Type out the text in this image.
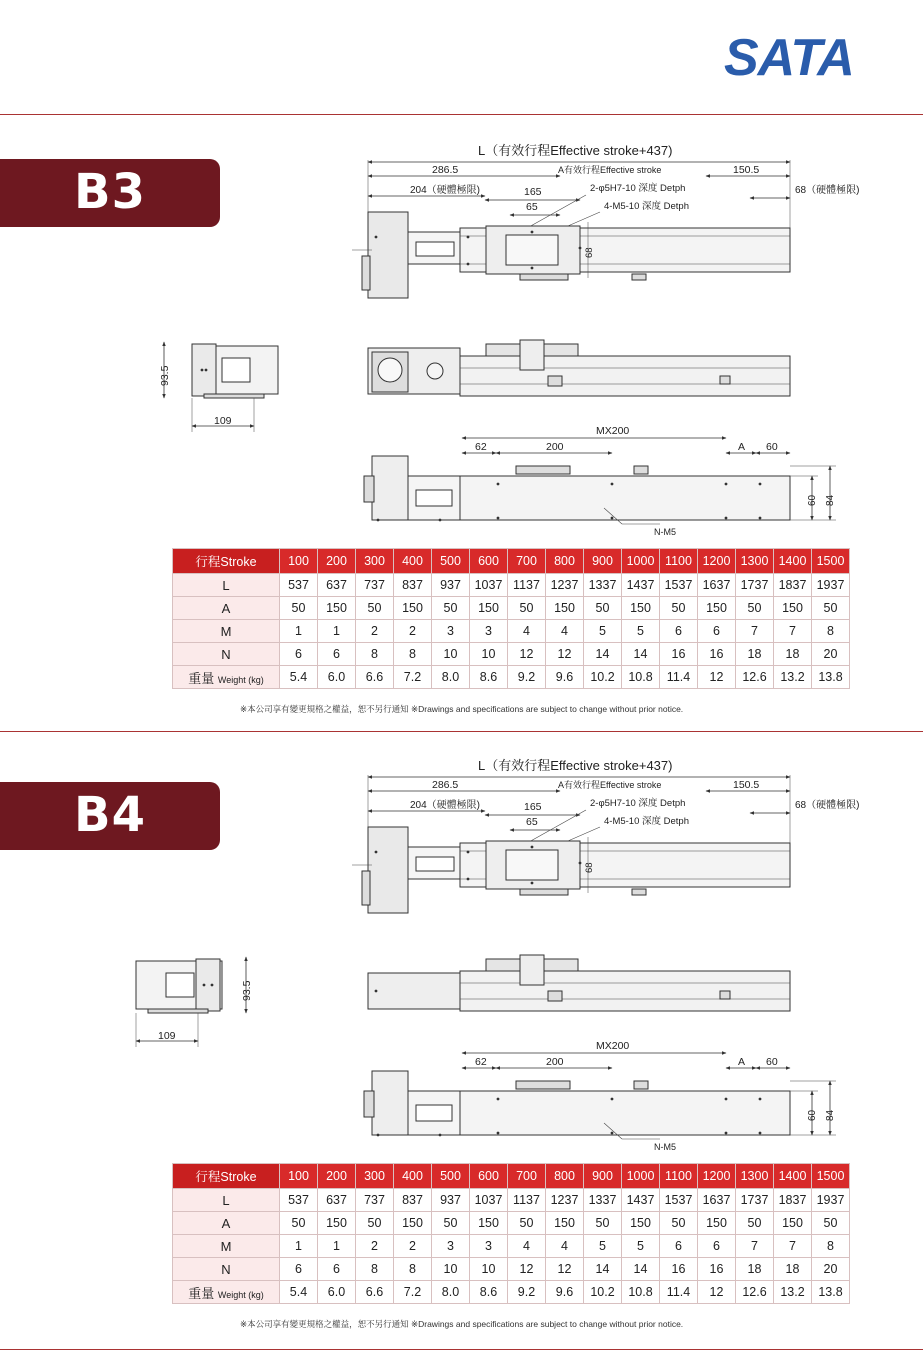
SATA
B3
B4
L（有效行程Effective stroke+437)
286.5	A有效行程Effective stroke	150.5
204（硬體極限)	68（硬體極限)
165
65
2-φ5H7-10 深度 Detph
4-M5-10 深度 Detph
68
93.5
109
MX200
62	200	A 60
60 84
N-M5
L（有效行程Effective stroke+437)
286.5	A有效行程Effective stroke	150.5
204（硬體極限)	68（硬體極限)
165
65
2-φ5H7-10 深度 Detph
4-M5-10 深度 Detph
68
93.5
109
MX200
62	200	A 60
60 84
N-M5
行程Stroke	100	200	300	400	500	600	700	800	900	1000	1100	1200	1300	1400	1500
L	537	637	737	837	937	1037	1137	1237	1337	1437	1537	1637	1737	1837	1937
A	50	150	50	150	50	150	50	150	50	150	50	150	50	150	50
M	1	1	2	2	3	3	4	4	5	5	6	6	7	7	8
N	6	6	8	8	10	10	12	12	14	14	16	16	18	18	20
重量 Weight (kg)	5.4	6.0	6.6	7.2	8.0	8.6	9.2	9.6	10.2	10.8	11.4	12	12.6	13.2	13.8
※本公司享有變更規格之權益，恕不另行通知 ※Drawings and specifications are subject to change without prior notice.
行程Stroke	100	200	300	400	500	600	700	800	900	1000	1100	1200	1300	1400	1500
L	537	637	737	837	937	1037	1137	1237	1337	1437	1537	1637	1737	1837	1937
A	50	150	50	150	50	150	50	150	50	150	50	150	50	150	50
M	1	1	2	2	3	3	4	4	5	5	6	6	7	7	8
N	6	6	8	8	10	10	12	12	14	14	16	16	18	18	20
重量 Weight (kg)	5.4	6.0	6.6	7.2	8.0	8.6	9.2	9.6	10.2	10.8	11.4	12	12.6	13.2	13.8
※本公司享有變更規格之權益，恕不另行通知 ※Drawings and specifications are subject to change without prior notice.
